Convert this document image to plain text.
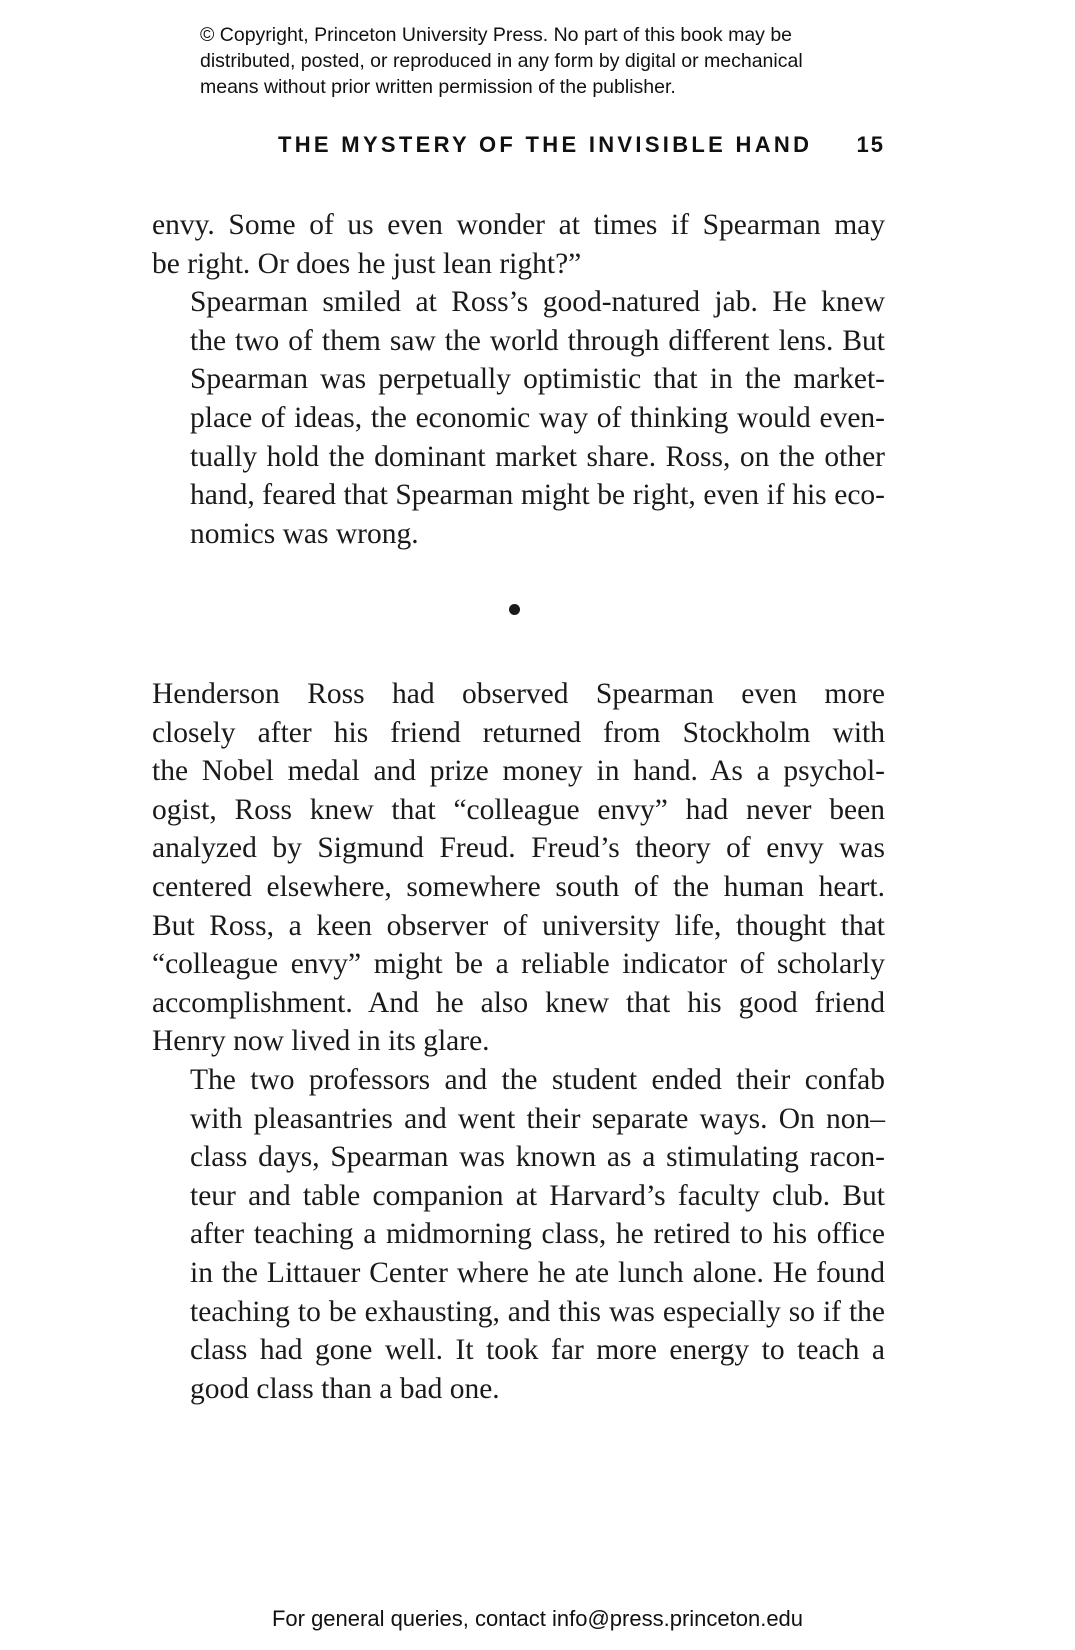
© Copyright, Princeton University Press. No part of this book may be
distributed, posted, or reproduced in any form by digital or mechanical
means without prior written permission of the publisher.
THE MYSTERY OF THE INVISIBLE HAND 15

envy. Some of us even wonder at times if Spearman may
be right. Or does he just lean right?”

Spearman smiled at Ross’s good-natured jab. He knew
the two of them saw the world through different lens. But
Spearman was perpetually optimistic that in the market-
place of ideas, the economic way of thinking would even-
tually hold the dominant market share. Ross, on the other
hand, feared that Spearman might be right, even if his eco-
nomics was wrong.

Henderson Ross had observed Spearman even more
closely after his friend returned from Stockholm with
the Nobel medal and prize money in hand. As a psychol-
ogist, Ross knew that “colleague envy” had never been
analyzed by Sigmund Freud. Freud’s theory of envy was
centered elsewhere, somewhere south of the human heart.
But Ross, a keen observer of university life, thought that
“colleague envy” might be a reliable indicator of scholarly
accomplishment. And he also knew that his good friend
Henry now lived in its glare.

The two professors and the student ended their confab
with pleasantries and went their separate ways. On non–
class days, Spearman was known as a stimulating racon-
teur and table companion at Harvard’s faculty club. But
after teaching a midmorning class, he retired to his office
in the Littauer Center where he ate lunch alone. He found
teaching to be exhausting, and this was especially so if the
class had gone well. It took far more energy to teach a
good class than a bad one.

For general queries, contact info@press.princeton.edu
